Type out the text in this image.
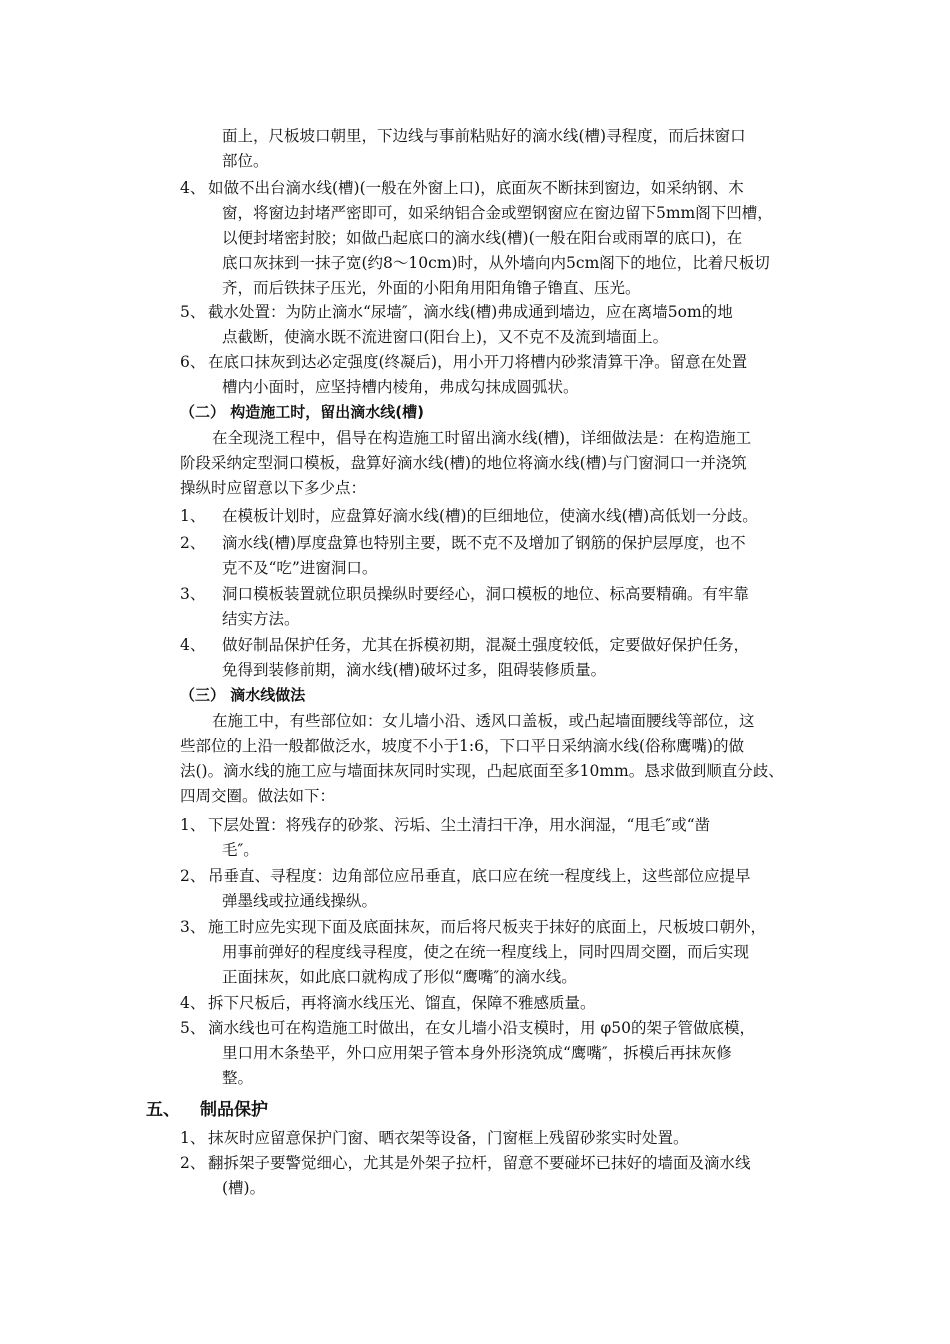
面上，尺板坡口朝里，下边线与事前粘贴好的滴水线(槽)寻程度，而后抹窗口
部位。
4、 如做不出台滴水线(槽)(一般在外窗上口)，底面灰不断抹到窗边，如采纳钢、木
窗，将窗边封堵严密即可，如采纳铝合金或塑钢窗应在窗边留下5mm阁下凹槽，
以便封堵密封胶；如做凸起底口的滴水线(槽)(一般在阳台或雨罩的底口)，在
底口灰抹到一抹子宽(约8～10cm)时，从外墙向内5cm阁下的地位，比着尺板切
齐，而后铁抹子压光，外面的小阳角用阳角镥子镥直、压光。
5、 截水处置：为防止滴水“尿墙″，滴水线(槽)弗成通到墙边，应在离墙5om的地
点截断，使滴水既不流进窗口(阳台上)，又不克不及流到墙面上。
6、 在底口抹灰到达必定强度(终凝后)，用小开刀将槽内砂浆清算干净。留意在处置
槽内小面时，应坚持槽内棱角，弗成勾抹成圆弧状。
（二） 构造施工时，留出滴水线(槽)
在全现浇工程中，倡导在构造施工时留出滴水线(槽)，详细做法是：在构造施工
阶段采纳定型洞口模板，盘算好滴水线(槽)的地位将滴水线(槽)与门窗洞口一并浇筑
操纵时应留意以下多少点：
1、 在模板计划时，应盘算好滴水线(槽)的巨细地位，使滴水线(槽)高低划一分歧。
2、 滴水线(槽)厚度盘算也特别主要，既不克不及增加了钢筋的保护层厚度，也不
克不及“吃”进窗洞口。
3、 洞口模板装置就位职员操纵时要经心，洞口模板的地位、标高要精确。有牢靠
结实方法。
4、 做好制品保护任务，尤其在拆模初期，混凝土强度较低，定要做好保护任务，
免得到装修前期，滴水线(槽)破坏过多，阻碍装修质量。
（三） 滴水线做法
在施工中，有些部位如：女儿墙小沿、透风口盖板，或凸起墙面腰线等部位，这
些部位的上沿一般都做泛水，坡度不小于1:6，下口平日采纳滴水线(俗称鹰嘴)的做
法()。滴水线的施工应与墙面抹灰同时实现，凸起底面至多10mm。恳求做到顺直分歧、
四周交圈。做法如下：
1、 下层处置：将残存的砂浆、污垢、尘土清扫干净，用水润湿，“甩毛″或“凿
毛″。
2、 吊垂直、寻程度：边角部位应吊垂直，底口应在统一程度线上，这些部位应提早
弹墨线或拉通线操纵。
3、 施工时应先实现下面及底面抹灰，而后将尺板夹于抹好的底面上，尺板坡口朝外，
用事前弹好的程度线寻程度，使之在统一程度线上，同时四周交圈，而后实现
正面抹灰，如此底口就构成了形似“鹰嘴″的滴水线。
4、 拆下尺板后，再将滴水线压光、馏直，保障不雅感质量。
5、 滴水线也可在构造施工时做出，在女儿墙小沿支模时，用 φ50的架子管做底模，
里口用木条垫平，外口应用架子管本身外形浇筑成“鹰嘴″，拆模后再抹灰修
整。
五、 制品保护
1、 抹灰时应留意保护门窗、晒衣架等设备，门窗框上残留砂浆实时处置。
2、 翻拆架子要警觉细心，尤其是外架子拉杆，留意不要碰坏已抹好的墙面及滴水线
(槽)。
